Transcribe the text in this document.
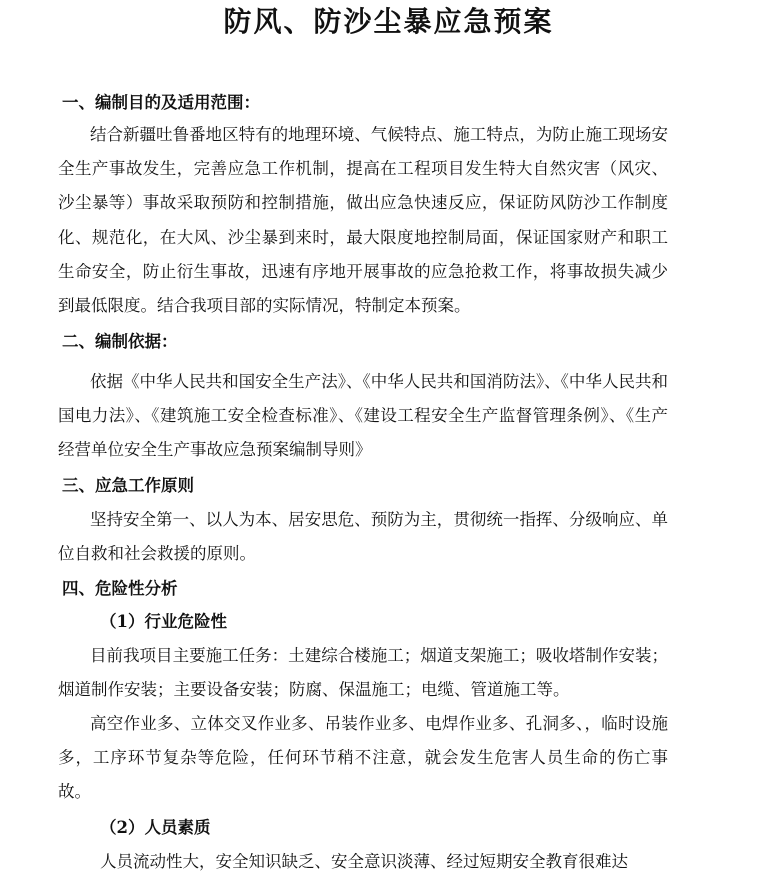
防风、防沙尘暴应急预案
一、编制目的及适用范围：

结合新疆吐鲁番地区特有的地理环境、气候特点、施工特点，为防止施工现场安全生产事故发生，完善应急工作机制，提高在工程项目发生特大自然灾害（风灾、沙尘暴等）事故采取预防和控制措施，做出应急快速反应，保证防风防沙工作制度化、规范化，在大风、沙尘暴到来时，最大限度地控制局面，保证国家财产和职工生命安全，防止衍生事故，迅速有序地开展事故的应急抢救工作，将事故损失减少到最低限度。结合我项目部的实际情况，特制定本预案。

二、编制依据：

依据《中华人民共和国安全生产法》、《中华人民共和国消防法》、《中华人民共和国电力法》、《建筑施工安全检查标准》、《建设工程安全生产监督管理条例》、《生产经营单位安全生产事故应急预案编制导则》

三、应急工作原则

坚持安全第一、以人为本、居安思危、预防为主，贯彻统一指挥、分级响应、单位自救和社会救援的原则。

四、危险性分析
（1）行业危险性

目前我项目主要施工任务：土建综合楼施工；烟道支架施工；吸收塔制作安装；烟道制作安装；主要设备安装；防腐、保温施工；电缆、管道施工等。

高空作业多、立体交叉作业多、吊装作业多、电焊作业多、孔洞多、，临时设施多，工序环节复杂等危险，任何环节稍不注意，就会发生危害人员生命的伤亡事故。

（2）人员素质
人员流动性大，安全知识缺乏、安全意识淡薄、经过短期安全教育很难达
